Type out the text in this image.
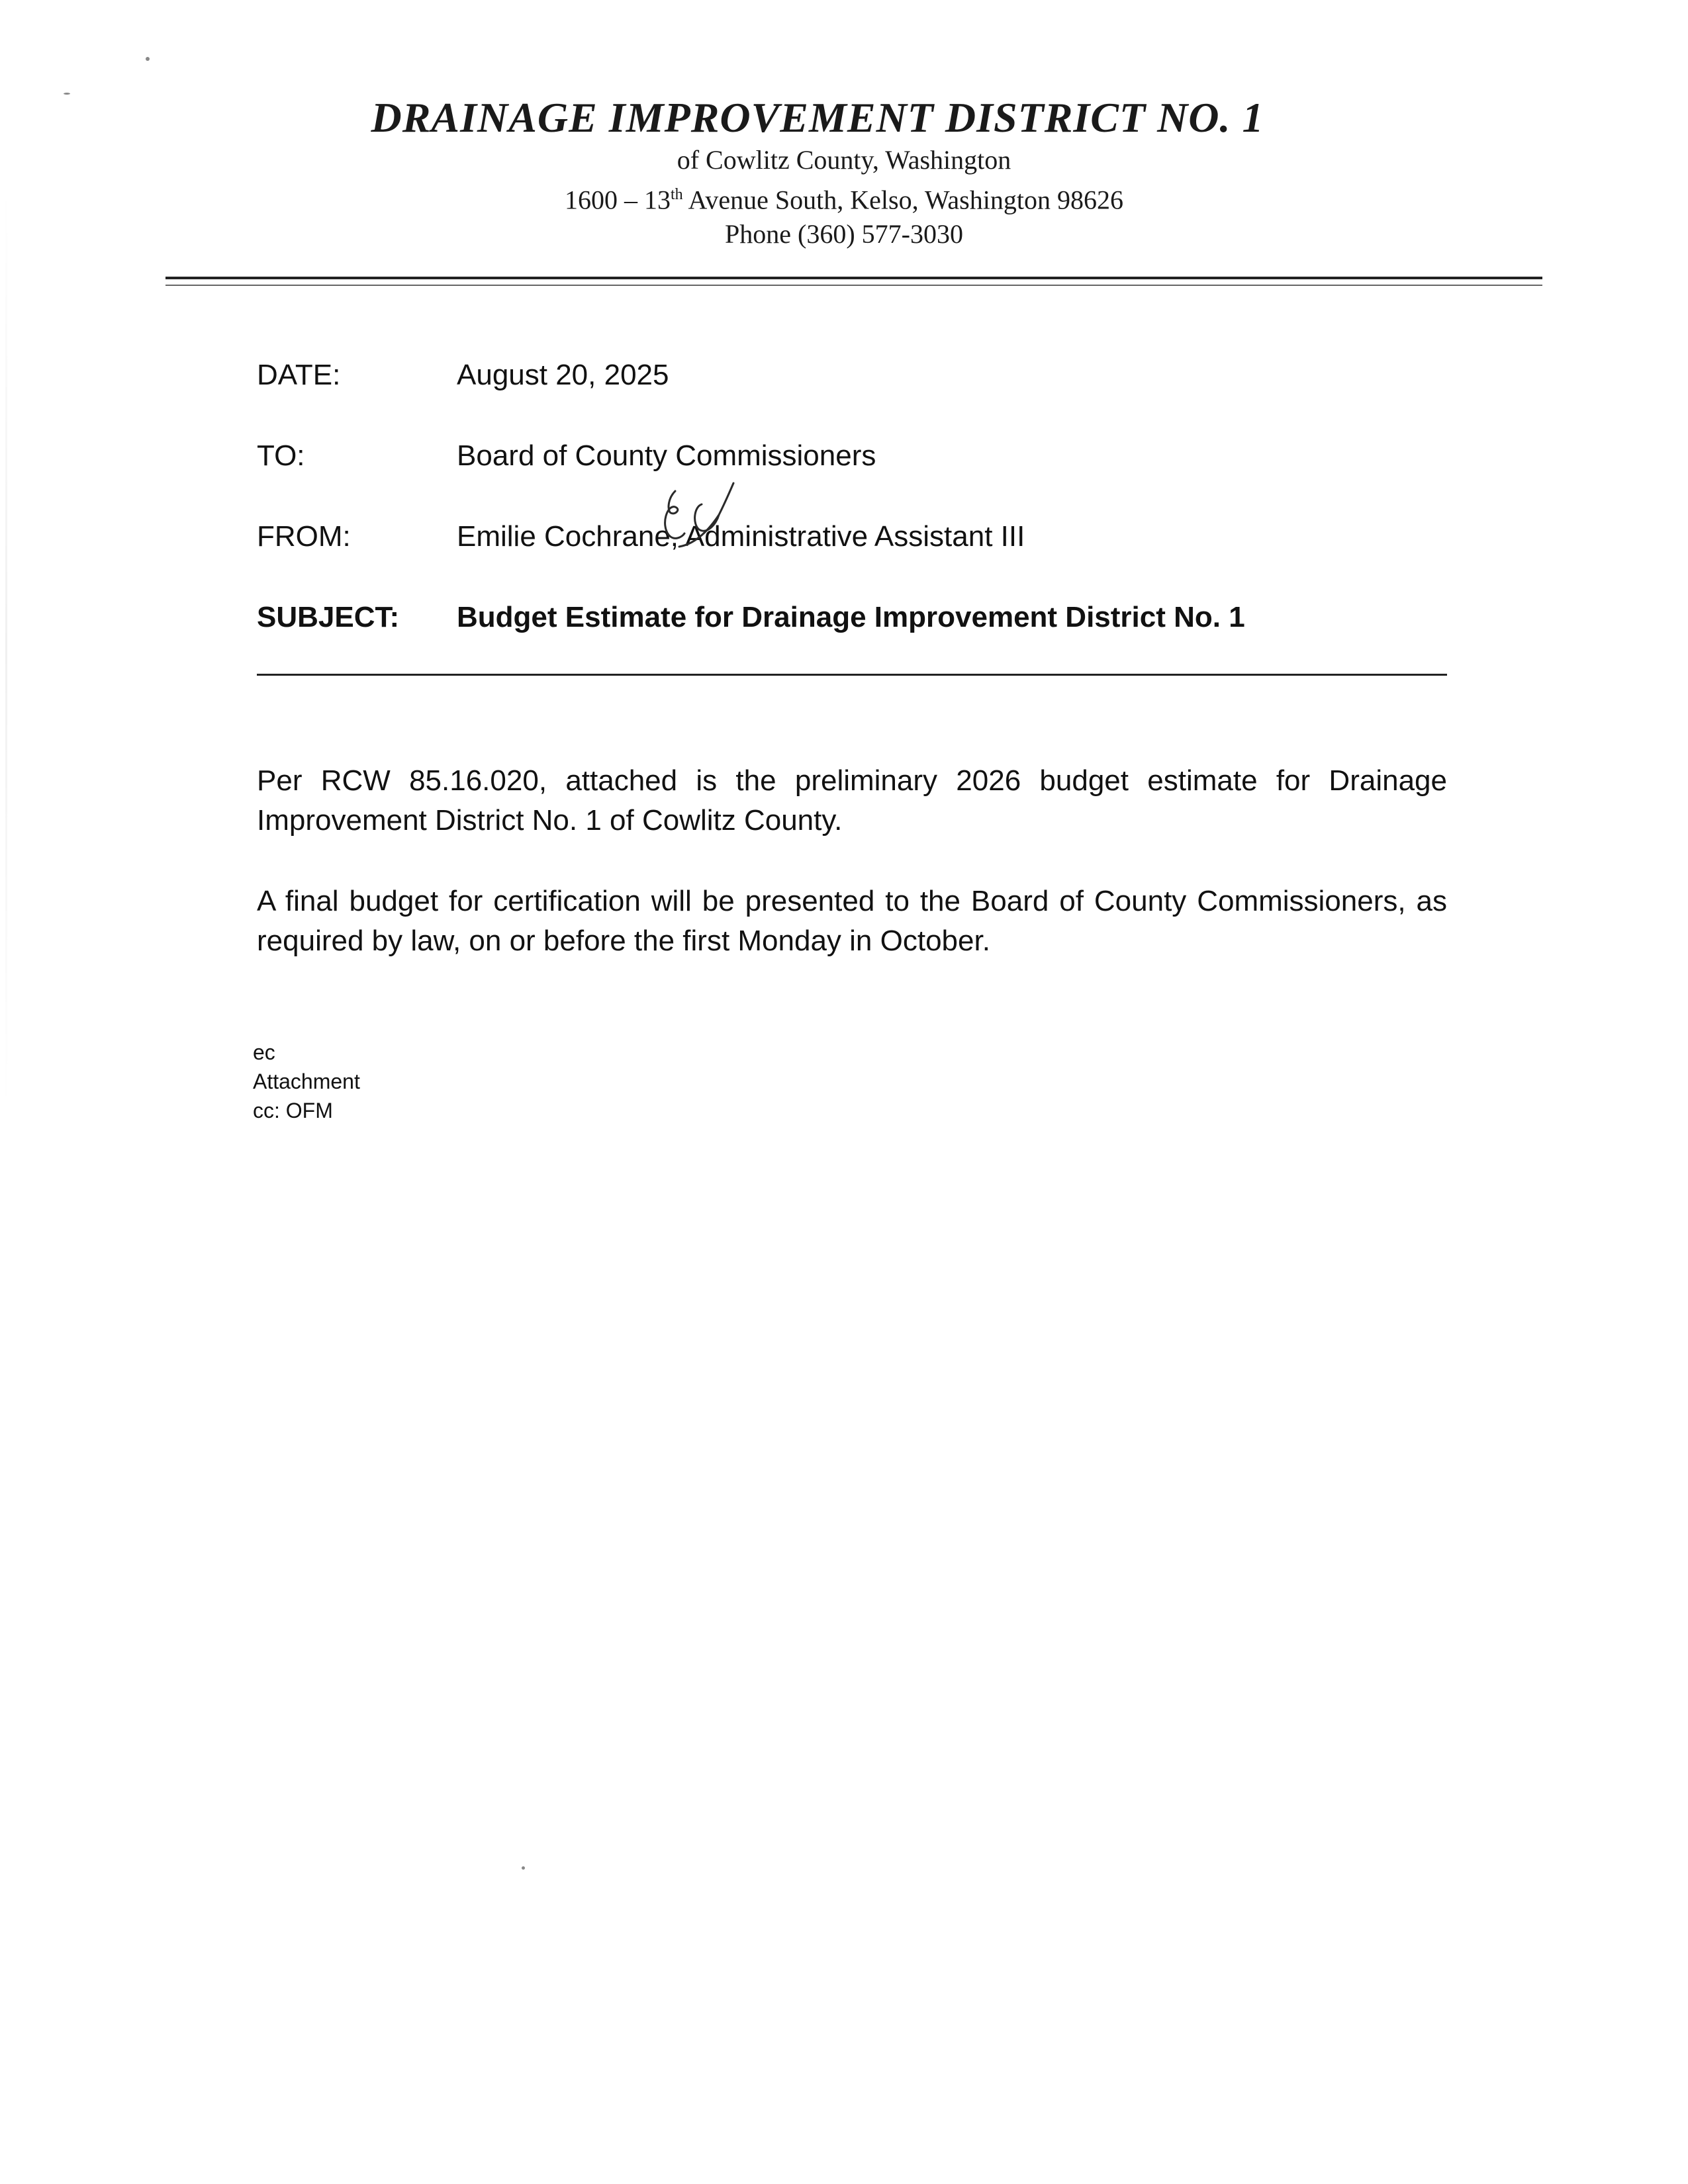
DRAINAGE IMPROVEMENT DISTRICT NO. 1
of Cowlitz County, Washington
1600 – 13th Avenue South, Kelso, Washington 98626
Phone (360) 577-3030
DATE:	August 20, 2025
TO:	Board of County Commissioners
FROM:	Emilie Cochrane, Administrative Assistant III
SUBJECT: Budget Estimate for Drainage Improvement District No. 1
Per RCW 85.16.020, attached is the preliminary 2026 budget estimate for Drainage Improvement District No. 1 of Cowlitz County.
A final budget for certification will be presented to the Board of County Commissioners, as required by law, on or before the first Monday in October.
ec
Attachment
cc: OFM
